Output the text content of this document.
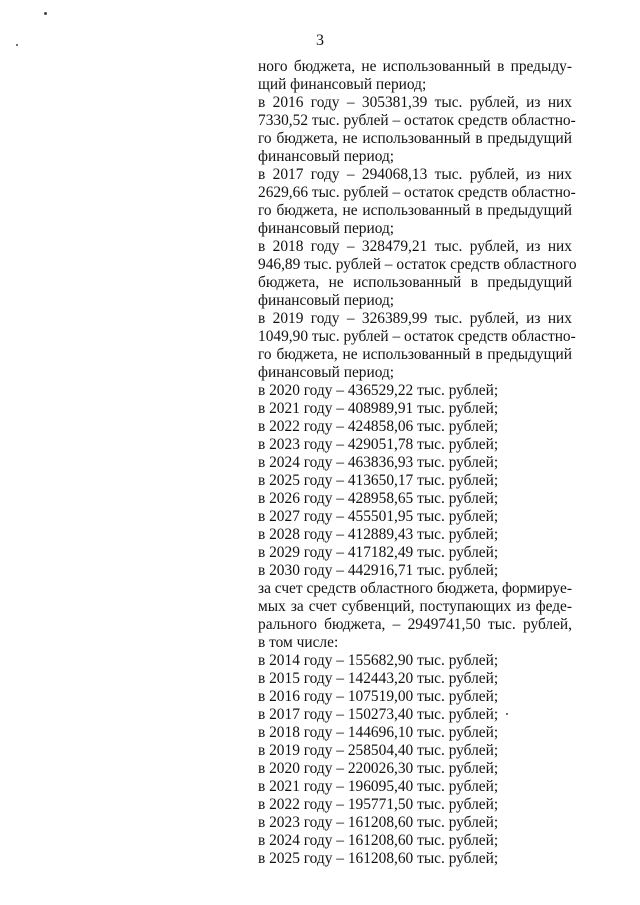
3
ного бюджета, не использованный в предыду-
щий финансовый период;
в 2016 году – 305381,39 тыс. рублей, из них
7330,52 тыс. рублей – остаток средств областно-
го бюджета, не использованный в предыдущий
финансовый период;
в 2017 году – 294068,13 тыс. рублей, из них
2629,66 тыс. рублей – остаток средств областно-
го бюджета, не использованный в предыдущий
финансовый период;
в 2018 году – 328479,21 тыс. рублей, из них
946,89 тыс. рублей – остаток средств областного
бюджета, не использованный в предыдущий
финансовый период;
в 2019 году – 326389,99 тыс. рублей, из них
1049,90 тыс. рублей – остаток средств областно-
го бюджета, не использованный в предыдущий
финансовый период;
в 2020 году – 436529,22 тыс. рублей;
в 2021 году – 408989,91 тыс. рублей;
в 2022 году – 424858,06 тыс. рублей;
в 2023 году – 429051,78 тыс. рублей;
в 2024 году – 463836,93 тыс. рублей;
в 2025 году – 413650,17 тыс. рублей;
в 2026 году – 428958,65 тыс. рублей;
в 2027 году – 455501,95 тыс. рублей;
в 2028 году – 412889,43 тыс. рублей;
в 2029 году – 417182,49 тыс. рублей;
в 2030 году – 442916,71 тыс. рублей;
за счет средств областного бюджета, формируе-
мых за счет субвенций, поступающих из феде-
рального бюджета, – 2949741,50 тыс. рублей,
в том числе:
в 2014 году – 155682,90 тыс. рублей;
в 2015 году – 142443,20 тыс. рублей;
в 2016 году – 107519,00 тыс. рублей;
в 2017 году – 150273,40 тыс. рублей;
в 2018 году – 144696,10 тыс. рублей;
в 2019 году – 258504,40 тыс. рублей;
в 2020 году – 220026,30 тыс. рублей;
в 2021 году – 196095,40 тыс. рублей;
в 2022 году – 195771,50 тыс. рублей;
в 2023 году – 161208,60 тыс. рублей;
в 2024 году – 161208,60 тыс. рублей;
в 2025 году – 161208,60 тыс. рублей;
